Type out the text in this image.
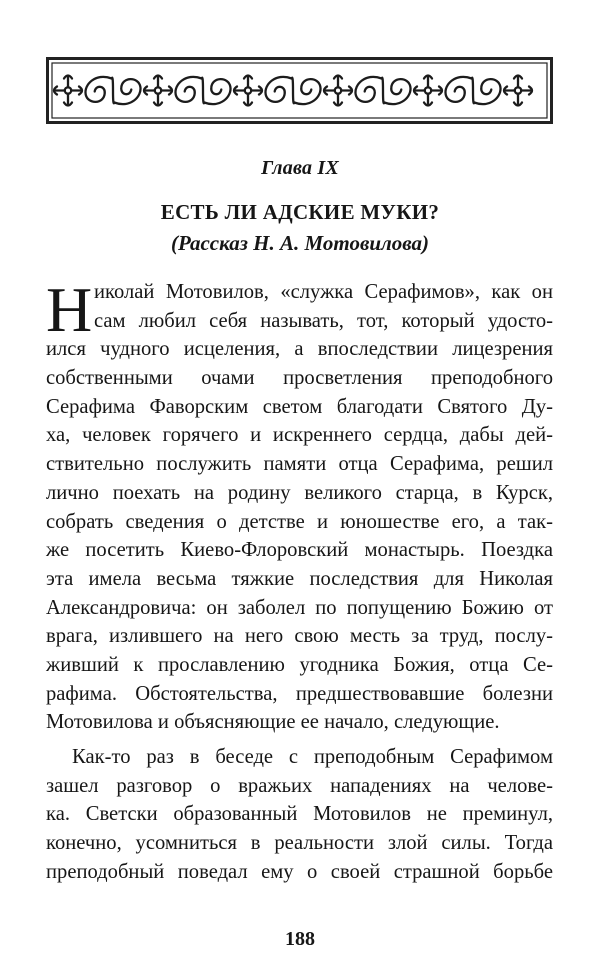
Глава IX
ЕСТЬ ЛИ АДСКИЕ МУКИ?
(Рассказ Н. А. Мотовилова)
Н иколай Мотовилов, «служка Серафимов», как он
сам любил себя называть, тот, который удосто-
ился чудного исцеления, а впоследствии лицезрения
собственными очами просветления преподобного
Серафима Фаворским светом благодати Святого Ду-
ха, человек горячего и искреннего сердца, дабы дей-
ствительно послужить памяти отца Серафима, решил
лично поехать на родину великого старца, в Курск,
собрать сведения о детстве и юношестве его, а так-
же посетить Киево-Флоровский монастырь. Поездка
эта имела весьма тяжкие последствия для Николая
Александровича: он заболел по попущению Божию от
врага, излившего на него свою месть за труд, послу-
живший к прославлению угодника Божия, отца Се-
рафима. Обстоятельства, предшествовавшие болезни
Мотовилова и объясняющие ее начало, следующие.
Как-то раз в беседе с преподобным Серафимом
зашел разговор о вражьих нападениях на челове-
ка. Светски образованный Мотовилов не преминул,
конечно, усомниться в реальности злой силы. Тогда
преподобный поведал ему о своей страшной борьбе
188
